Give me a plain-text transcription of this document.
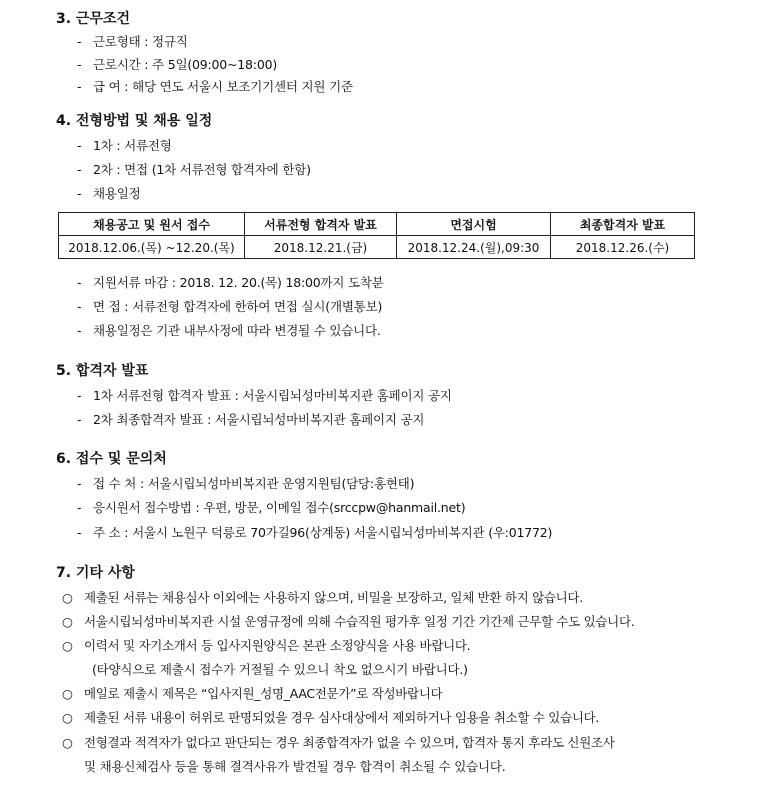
3. 근무조건
- 근로형태 : 정규직
- 근로시간 : 주 5일(09:00~18:00)
- 급 여 : 해당 연도 서울시 보조기기센터 지원 기준
4. 전형방법 및 채용 일정
- 1차 : 서류전형
- 2차 : 면접 (1차 서류전형 합격자에 한함)
- 채용일정
채용공고 및 원서 접수	서류전형 합격자 발표	면접시험	최종합격자 발표
2018.12.06.(목) ~12.20.(목)	2018.12.21.(금)	2018.12.24.(월),09:30	2018.12.26.(수)
- 지원서류 마감 : 2018. 12. 20.(목) 18:00까지 도착분
- 면 접 : 서류전형 합격자에 한하여 면접 실시(개별통보)
- 채용일정은 기관 내부사정에 따라 변경될 수 있습니다.
5. 합격자 발표
- 1차 서류전형 합격자 발표 : 서울시립뇌성마비복지관 홈페이지 공지
- 2차 최종합격자 발표 : 서울시립뇌성마비복지관 홈페이지 공지
6. 접수 및 문의처
- 접 수 처 : 서울시립뇌성마비복지관 운영지원팀(담당:홍현태)
- 응시원서 접수방법 : 우편, 방문, 이메일 접수(srccpw@hanmail.net)
- 주 소 : 서울시 노원구 덕릉로 70가길96(상계동) 서울시립뇌성마비복지관 (우:01772)
7. 기타 사항
○ 제출된 서류는 채용심사 이외에는 사용하지 않으며, 비밀을 보장하고, 일체 반환 하지 않습니다.
○ 서울시립뇌성마비복지관 시설 운영규정에 의해 수습직원 평가후 일정 기간 기간제 근무할 수도 있습니다.
○ 이력서 및 자기소개서 등 입사지원양식은 본관 소정양식을 사용 바랍니다.
(타양식으로 제출시 접수가 거절될 수 있으니 착오 없으시기 바랍니다.)
○ 메일로 제출시 제목은 “입사지원_성명_AAC전문가”로 작성바랍니다
○ 제출된 서류 내용이 허위로 판명되었을 경우 심사대상에서 제외하거나 임용을 취소할 수 있습니다.
○ 전형결과 적격자가 없다고 판단되는 경우 최종합격자가 없을 수 있으며, 합격자 통지 후라도 신원조사
및 채용신체검사 등을 통해 결격사유가 발견될 경우 합격이 취소될 수 있습니다.
